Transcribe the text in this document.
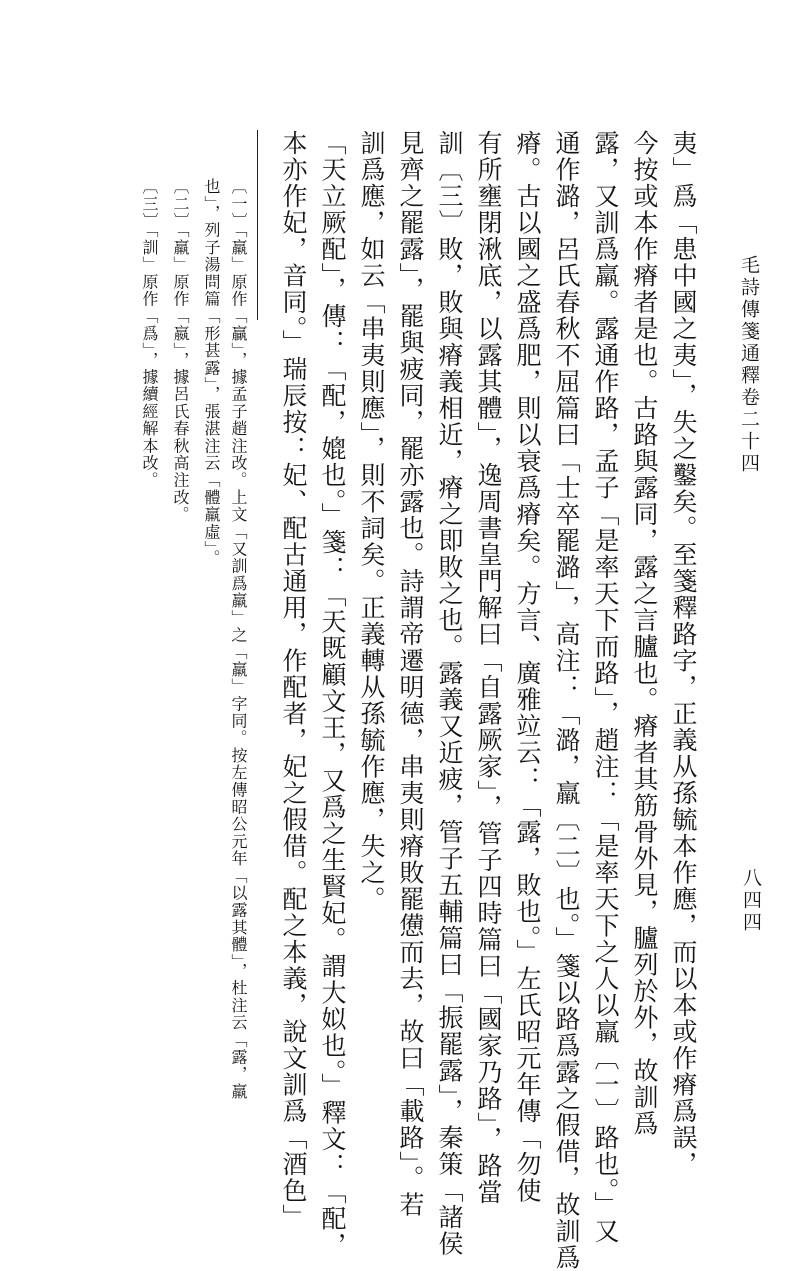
毛詩傳箋通釋卷二十四
八四四
夷」爲「患中國之夷」，失之鑿矣。至箋釋路字，正義从孫毓本作應，而以本或作瘠爲誤，
今按或本作瘠者是也。古路與露同，露之言臚也。瘠者其筋骨外見，臚列於外，故訓爲
露，又訓爲羸。露通作路，孟子「是率天下而路」，趙注：「是率天下之人以羸〔一〕路也。」又
通作潞，呂氏春秋不屈篇曰「士卒罷潞」，高注：「潞，羸〔二〕也。」箋以路爲露之假借，故訓爲
瘠。古以國之盛爲肥，則以衰爲瘠矣。方言、廣雅竝云：「露，敗也。」左氏昭元年傳「勿使
有所壅閉湫底，以露其體」，逸周書皇門解曰「自露厥家」，管子四時篇曰「國家乃路」，路當
訓〔三〕敗，敗與瘠義相近，瘠之即敗之也。露義又近疲，管子五輔篇曰「振罷露」，秦策「諸侯
見齊之罷露」，罷與疲同，罷亦露也。詩謂帝遷明德，串夷則瘠敗罷憊而去，故曰「載路」。若
訓爲應，如云「串夷則應」，則不詞矣。正義轉从孫毓作應，失之。
「天立厥配」，傳：「配，媲也。」箋：「天既顧文王，又爲之生賢妃。謂大姒也。」釋文：「配，
本亦作妃，音同。」瑞辰按：妃、配古通用，作配者，妃之假借。配之本義，說文訓爲「酒色」
〔一〕「羸」原作「贏」，據孟子趙注改。上文「又訓爲羸」之「羸」字同。按左傳昭公元年「以露其體」，杜注云「露，羸
也」，列子湯問篇「形甚露」，張湛注云「體羸虛」。
〔二〕「羸」原作「嬴」，據呂氏春秋高注改。
〔三〕「訓」原作「爲」，據續經解本改。
